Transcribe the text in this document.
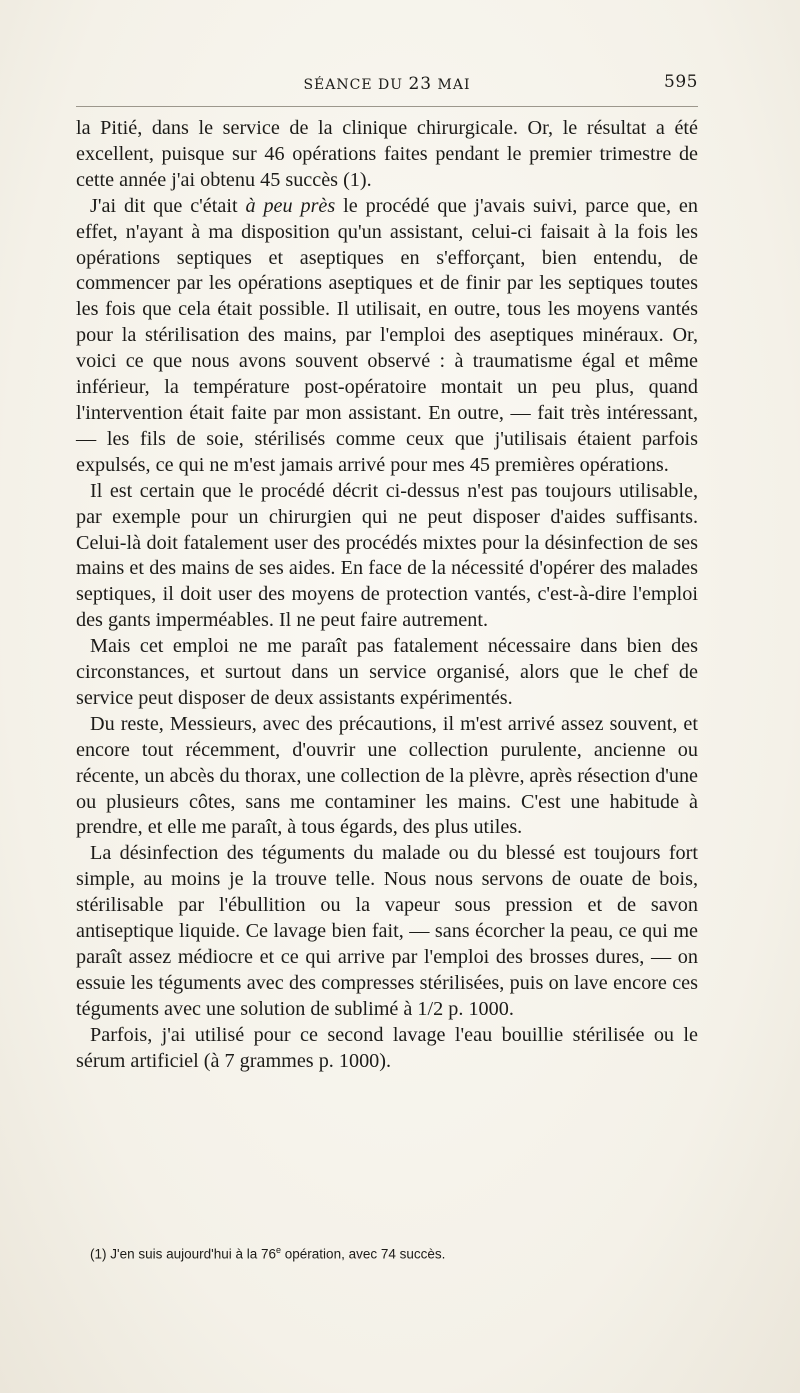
SÉANCE DU 23 MAI	595

la Pitié, dans le service de la clinique chirurgicale. Or, le résultat a été excellent, puisque sur 46 opérations faites pendant le premier trimestre de cette année j'ai obtenu 45 succès (1).

J'ai dit que c'était à peu près le procédé que j'avais suivi, parce que, en effet, n'ayant à ma disposition qu'un assistant, celui-ci faisait à la fois les opérations septiques et aseptiques en s'efforçant, bien entendu, de commencer par les opérations aseptiques et de finir par les septiques toutes les fois que cela était possible. Il utilisait, en outre, tous les moyens vantés pour la stérilisation des mains, par l'emploi des aseptiques minéraux. Or, voici ce que nous avons souvent observé : à traumatisme égal et même inférieur, la température post-opératoire montait un peu plus, quand l'intervention était faite par mon assistant. En outre, — fait très intéressant, — les fils de soie, stérilisés comme ceux que j'utilisais étaient parfois expulsés, ce qui ne m'est jamais arrivé pour mes 45 premières opérations.

Il est certain que le procédé décrit ci-dessus n'est pas toujours utilisable, par exemple pour un chirurgien qui ne peut disposer d'aides suffisants. Celui-là doit fatalement user des procédés mixtes pour la désinfection de ses mains et des mains de ses aides. En face de la nécessité d'opérer des malades septiques, il doit user des moyens de protection vantés, c'est-à-dire l'emploi des gants imperméables. Il ne peut faire autrement.

Mais cet emploi ne me paraît pas fatalement nécessaire dans bien des circonstances, et surtout dans un service organisé, alors que le chef de service peut disposer de deux assistants expérimentés.

Du reste, Messieurs, avec des précautions, il m'est arrivé assez souvent, et encore tout récemment, d'ouvrir une collection purulente, ancienne ou récente, un abcès du thorax, une collection de la plèvre, après résection d'une ou plusieurs côtes, sans me contaminer les mains. C'est une habitude à prendre, et elle me paraît, à tous égards, des plus utiles.

La désinfection des téguments du malade ou du blessé est toujours fort simple, au moins je la trouve telle. Nous nous servons de ouate de bois, stérilisable par l'ébullition ou la vapeur sous pression et de savon antiseptique liquide. Ce lavage bien fait, — sans écorcher la peau, ce qui me paraît assez médiocre et ce qui arrive par l'emploi des brosses dures, — on essuie les téguments avec des compresses stérilisées, puis on lave encore ces téguments avec une solution de sublimé à 1/2 p. 1000.

Parfois, j'ai utilisé pour ce second lavage l'eau bouillie stérilisée ou le sérum artificiel (à 7 grammes p. 1000).

(1) J'en suis aujourd'hui à la 76e opération, avec 74 succès.
